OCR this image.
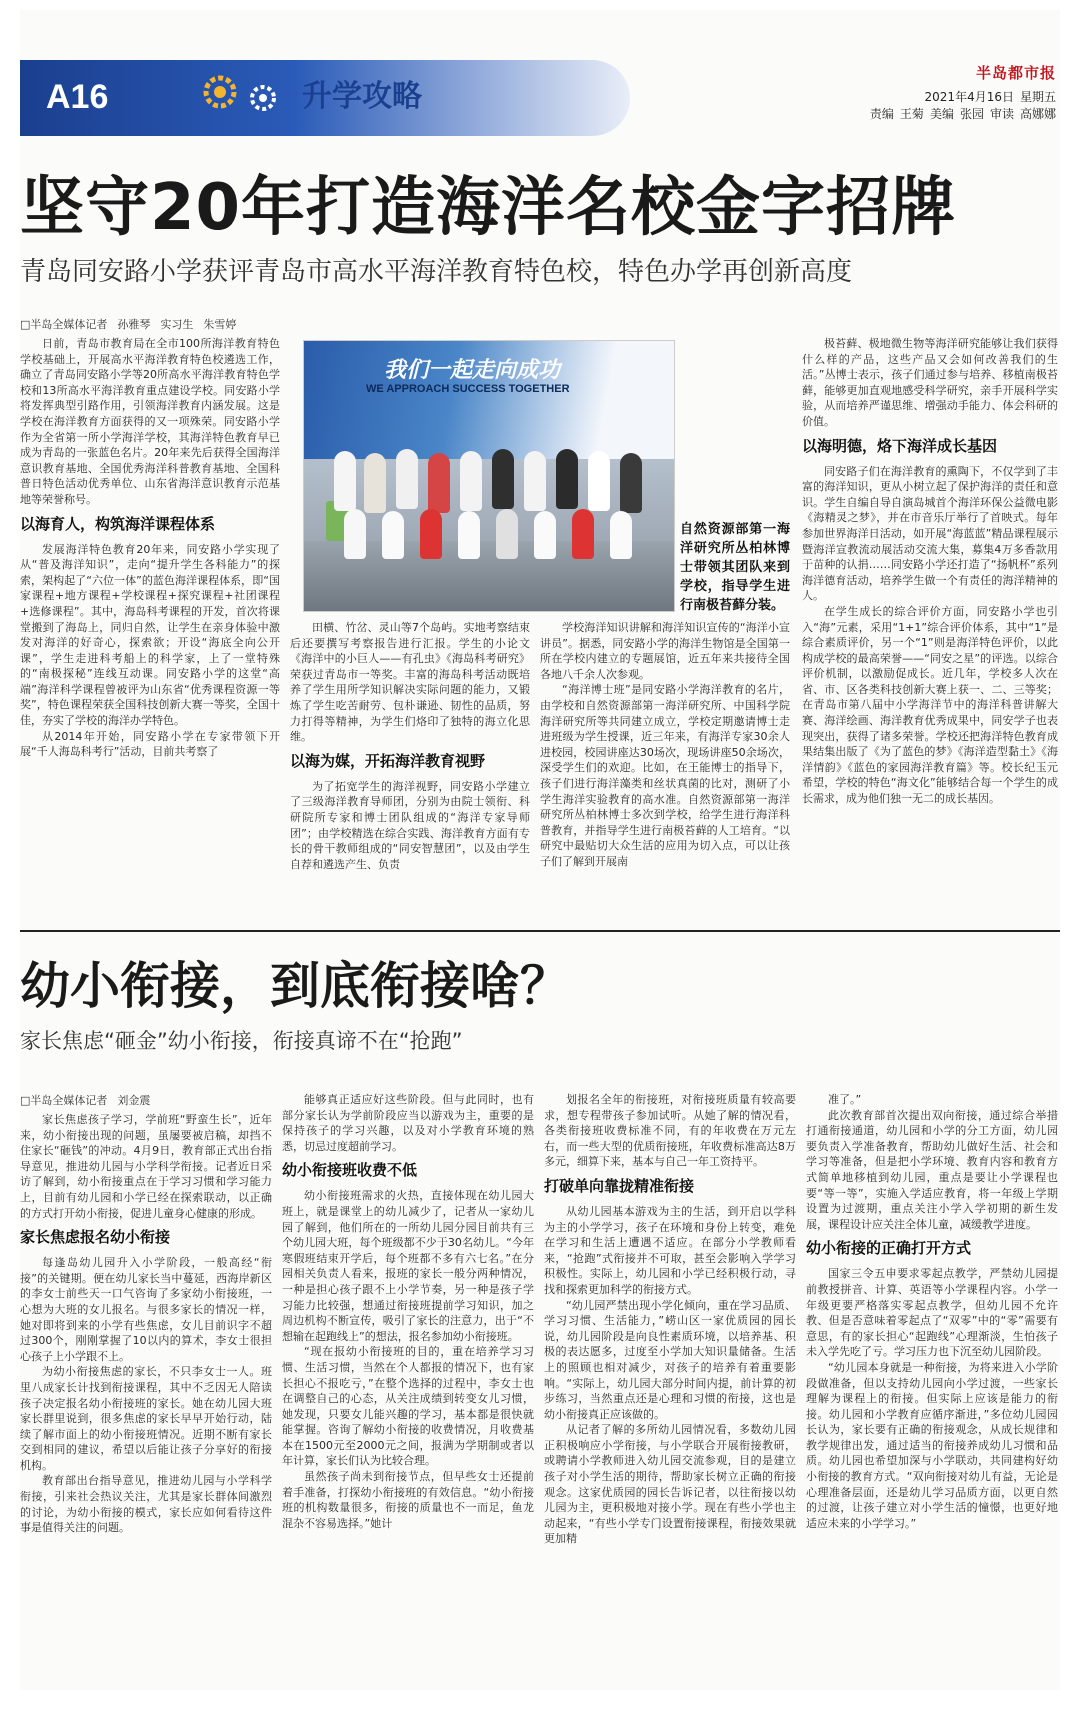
A16	升学攻略
半岛都市报
2021年4月16日 星期五
责编 王菊 美编 张园 审读 高娜娜
坚守20年打造海洋名校金字招牌
青岛同安路小学获评青岛市高水平海洋教育特色校，特色办学再创新高度
□半岛全媒体记者 孙雅琴 实习生 朱雪婷

日前，青岛市教育局在全市100所海洋教育特色学校基础上，开展高水平海洋教育特色校遴选工作，确立了青岛同安路小学等20所高水平海洋教育特色学校和13所高水平海洋教育重点建设学校。同安路小学将发挥典型引路作用，引领海洋教育内涵发展。这是学校在海洋教育方面获得的又一项殊荣。同安路小学作为全省第一所小学海洋学校，其海洋特色教育早已成为青岛的一张蓝色名片。20年来先后获得全国海洋意识教育基地、全国优秀海洋科普教育基地、全国科普日特色活动优秀单位、山东省海洋意识教育示范基地等荣誉称号。

以海育人，构筑海洋课程体系

发展海洋特色教育20年来，同安路小学实现了从“普及海洋知识”，走向“提升学生各科能力”的探索，架构起了“六位一体”的蓝色海洋课程体系，即“国家课程+地方课程+学校课程+探究课程+社团课程+选修课程”。其中，海岛科考课程的开发，首次将课堂搬到了海岛上，同归自然，让学生在亲身体验中激发对海洋的好奇心，探索欲；开设“海底全向公开课”，学生走进科考船上的科学家，上了一堂特殊的“南极探秘”连线互动课。同安路小学的这堂“高端”海洋科学课程曾被评为山东省“优秀课程资源一等奖”，特色课程荣获全国科技创新大赛一等奖，全国十佳，夯实了学校的海洋办学特色。

从2014年开始，同安路小学在专家带领下开展“千人海岛科考行”活动，目前共考察了

我们一起走向成功
WE APPROACH SUCCESS TOGETHER
自然资源部第一海洋研究所丛柏林博士带领其团队来到学校，指导学生进行南极苔藓分装。

田横、竹岔、灵山等7个岛屿。实地考察结束后还要撰写考察报告进行汇报。学生的小论文《海洋中的小巨人——有孔虫》《海岛科考研究》荣获过青岛市一等奖。丰富的海岛科考活动既培养了学生用所学知识解决实际问题的能力，又锻炼了学生吃苦耐劳、包朴谦逊、韧性的品质，努力打得等精神，为学生们烙印了独特的海立化思维。

以海为媒，开拓海洋教育视野

为了拓宽学生的海洋视野，同安路小学建立了三级海洋教育导师团，分别为由院士领衔、科研院所专家和博士团队组成的“海洋专家导师团”；由学校精选在综合实践、海洋教育方面有专长的骨干教师组成的“同安智慧团”，以及由学生自荐和遴选产生、负责

学校海洋知识讲解和海洋知识宣传的“海洋小宣讲员”。据悉，同安路小学的海洋生物馆是全国第一所在学校内建立的专题展馆，近五年来共接待全国各地八千余人次参观。

“海洋博士班”是同安路小学海洋教育的名片，由学校和自然资源部第一海洋研究所、中国科学院海洋研究所等共同建立成立，学校定期邀请博士走进班级为学生授课，近三年来，有海洋专家30余人进校园，校园讲座达30场次，现场讲座50余场次，深受学生们的欢迎。比如，在王能博士的指导下，孩子们进行海洋藻类和丝状真菌的比对，测研了小学生海洋实验教育的高水准。自然资源部第一海洋研究所丛柏林博士多次到学校，给学生进行海洋科普教育，并指导学生进行南极苔藓的人工培育。“以研究中最贴切大众生活的应用为切入点，可以让孩子们了解到开展南

极苔藓、极地微生物等海洋研究能够让我们获得什么样的产品，这些产品又会如何改善我们的生活。”丛博士表示，孩子们通过参与培养、移植南极苔藓，能够更加直观地感受科学研究，亲手开展科学实验，从而培养严谨思维、增强动手能力、体会科研的价值。

以海明德，烙下海洋成长基因

同安路子们在海洋教育的熏陶下，不仅学到了丰富的海洋知识，更从小树立起了保护海洋的责任和意识。学生自编自导自演岛城首个海洋环保公益微电影《海精灵之梦》，并在市音乐厅举行了首映式。每年参加世界海洋日活动，如开展“海蓝蓝”精品课程展示暨海洋宣教流动展活动交流大集，募集4万多香款用于苗种的认捐……同安路小学还打造了“扬帆杯”系列海洋德育活动，培养学生做一个有责任的海洋精神的人。

在学生成长的综合评价方面，同安路小学也引入“海”元素，采用“1+1”综合评价体系，其中“1”是综合素质评价，另一个“1”则是海洋特色评价，以此构成学校的最高荣誉——“同安之星”的评选。以综合评价机制，以激励促成长。近几年，学校多人次在省、市、区各类科技创新大赛上获一、二、三等奖；在青岛市第八届中小学海洋节中的海洋科普讲解大赛、海洋绘画、海洋教育优秀成果中，同安学子也表现突出，获得了诸多荣誉。学校还把海洋特色教育成果结集出版了《为了蓝色的梦》《海洋造型黏土》《海洋情韵》《蓝色的家园海洋教育篇》等。校长纪玉元希望，学校的特色“海文化”能够结合每一个学生的成长需求，成为他们独一无二的成长基因。

幼小衔接，到底衔接啥？
家长焦虑“砸金”幼小衔接，衔接真谛不在“抢跑”
□半岛全媒体记者 刘金震

家长焦虑孩子学习，学前班“野蛮生长”，近年来，幼小衔接出现的问题，虽屡要被启稿，却挡不住家长“砸钱”的冲动。4月9日，教育部正式出台指导意见，推进幼儿园与小学科学衔接。记者近日采访了解到，幼小衔接重点在于学习习惯和学习能力上，目前有幼儿园和小学已经在探索联动，以正确的方式打开幼小衔接，促进儿童身心健康的形成。

家长焦虑报名幼小衔接

每逢岛幼儿园升入小学阶段，一般高经“衔接”的关键期。便在幼儿家长当中蔓延，西海岸新区的李女士前些天一口气咨询了多家幼小衔接班，一心想为大班的女儿报名。与很多家长的情况一样，她对即将到来的小学有些焦虑，女儿目前识字不超过300个，刚刚掌握了10以内的算术，李女士很担心孩子上小学跟不上。

为幼小衔接焦虑的家长，不只李女士一人。班里八成家长计找到衔接课程，其中不乏因无人陪读孩子决定报名幼小衔接班的家长。她在幼儿园大班家长群里说到，很多焦虑的家长早早开始行动，陆续了解市面上的幼小衔接班情况。近期不断有家长交到相同的建议，希望以后能让孩子分享好的衔接机构。

教育部出台指导意见，推进幼儿园与小学科学衔接，引来社会热议关注，尤其是家长群体间激烈的讨论，为幼小衔接的模式，家长应如何看待这件事是值得关注的问题。

能够真正适应好这些阶段。但与此同时，也有部分家长认为学前阶段应当以游戏为主，重要的是保持孩子的学习兴趣，以及对小学教育环境的熟悉，切忌过度超前学习。

幼小衔接班收费不低

幼小衔接班需求的火热，直接体现在幼儿园大班上，就是课堂上的幼儿减少了，记者从一家幼儿园了解到，他们所在的一所幼儿园分园目前共有三个幼儿园大班，每个班级都不少于30名幼儿。“今年寒假班结束开学后，每个班都不多有六七名。”在分园相关负责人看来，报班的家长一般分两种情况，一种是担心孩子跟不上小学节奏，另一种是孩子学习能力比较强，想通过衔接班提前学习知识，加之周边机构不断宣传，吸引了家长的注意力，出于“不想输在起跑线上”的想法，报名参加幼小衔接班。

“现在报幼小衔接班的目的，重在培养学习习惯、生活习惯，当然在个人都报的情况下，也有家长担心不报吃亏，”在整个选择的过程中，李女士也在调整自己的心态，从关注成绩到转变女儿习惯，她发现，只要女儿能兴趣的学习，基本都是很快就能掌握。咨询了解幼小衔接的收费情况，月收费基本在1500元至2000元之间，报满为学期制或者以年计算，家长们认为比较合理。

虽然孩子尚未到衔接节点，但早些女士还提前着手准备，打探幼小衔接班的有效信息。“幼小衔接班的机构数量很多，衔接的质量也不一而足，鱼龙混杂不容易选择。”她计

划报名全年的衔接班，对衔接班质量有较高要求，想专程带孩子参加试听。从她了解的情况看，各类衔接班收费标准不同，有的年收费在万元左右，而一些大型的优质衔接班，年收费标准高达8万多元，细算下来，基本与自己一年工资持平。

打破单向靠拢精准衔接

从幼儿园基本游戏为主的生活，到开启以学科为主的小学学习，孩子在环境和身份上转变，难免在学习和生活上遭遇不适应。在部分小学教师看来，“抢跑”式衔接并不可取，甚至会影响入学学习积极性。实际上，幼儿园和小学已经积极行动，寻找和探索更加科学的衔接方式。

“幼儿园严禁出现小学化倾向，重在学习品质、学习习惯、生活能力，”崂山区一家优质园的园长说，幼儿园阶段是向良性素质环境，以培养基、积极的表达愿多，过度至小学加大知识量储备。生活上的照顾也相对减少，对孩子的培养有着重要影响。“实际上，幼儿园大部分时间内提，前计算的初步练习，当然重点还是心理和习惯的衔接，这也是幼小衔接真正应该做的。

从记者了解的多所幼儿园情况看，多数幼儿园正积极响应小学衔接，与小学联合开展衔接教研，或聘请小学教师进入幼儿园交流参观，目的是建立孩子对小学生活的期待，帮助家长树立正确的衔接观念。这家优质园的园长告诉记者，以往衔接以幼儿园为主，更积极地对接小学。现在有些小学也主动起来，“有些小学专门设置衔接课程，衔接效果就更加精

准了。”

此次教育部首次提出双向衔接，通过综合举措打通衔接通道，幼儿园和小学的分工方面，幼儿园要负责入学准备教育，帮助幼儿做好生活、社会和学习等准备，但是把小学环境、教育内容和教育方式简单地移植到幼儿园，重点是要让小学课程也要“等一等”，实施入学适应教育，将一年级上学期设置为过渡期，重点关注小学入学初期的新生发展，课程设计应关注全体儿童，减缓教学进度。

幼小衔接的正确打开方式

国家三令五申要求零起点教学，严禁幼儿园提前教授拼音、计算、英语等小学课程内容。小学一年级更要严格落实零起点教学，但幼儿园不允许教、但是否意味着零起点了“双零”中的“零”需要有意思，有的家长担心“起跑线”心理渐淡，生怕孩子未入学先吃了亏。学习压力也下沉至幼儿园阶段。

“幼儿园本身就是一种衔接，为将来进入小学阶段做准备，但以支持幼儿园向小学过渡，一些家长理解为课程上的衔接。但实际上应该是能力的衔接。幼儿园和小学教育应循序渐进，”多位幼儿园园长认为，家长要有正确的衔接观念，从成长规律和教学规律出发，通过适当的衔接养成幼儿习惯和品质。幼儿园也希望加深与小学联动，共同建构好幼小衔接的教育方式。“双向衔接对幼儿有益，无论是心理准备层面，还是幼儿学习品质方面，以更自然的过渡，让孩子建立对小学生活的憧憬，也更好地适应未来的小学学习。”
